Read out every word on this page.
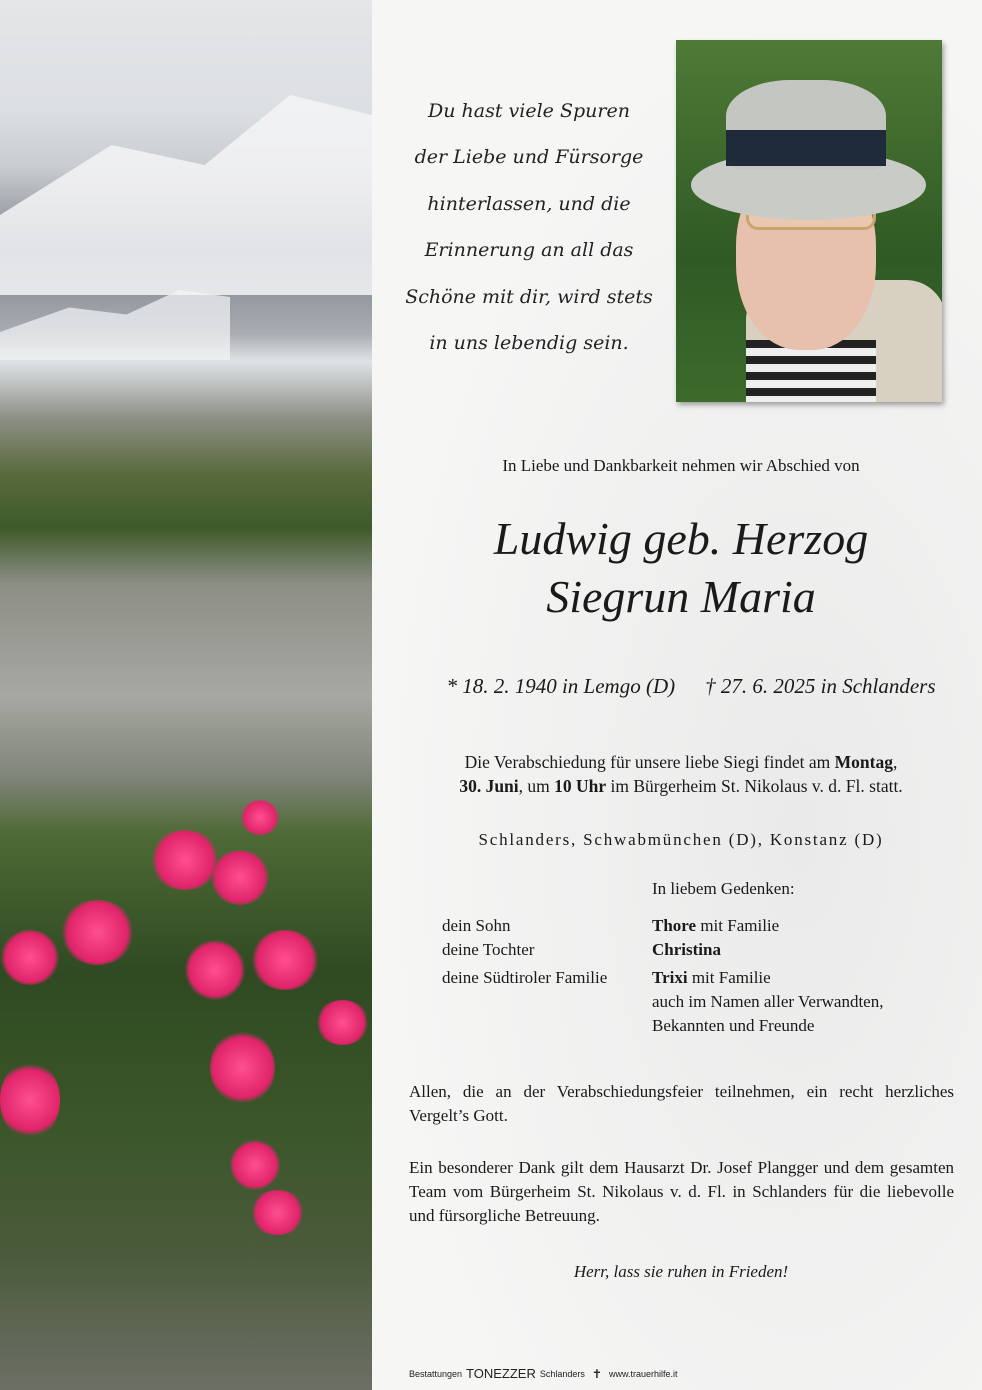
Du hast viele Spuren
der Liebe und Fürsorge
hinterlassen, und die
Erinnerung an all das
Schöne mit dir, wird stets
in uns lebendig sein.
In Liebe und Dankbarkeit nehmen wir Abschied von
Ludwig geb. Herzog
Siegrun Maria
* 18. 2. 1940 in Lemgo (D) † 27. 6. 2025 in Schlanders
Die Verabschiedung für unsere liebe Siegi findet am Montag,
30. Juni, um 10 Uhr im Bürgerheim St. Nikolaus v. d. Fl. statt.
Schlanders, Schwabmünchen (D), Konstanz (D)
dein Sohn
deine Tochter
deine Südtiroler Familie
In liebem Gedenken:
Thore mit Familie
Christina
Trixi mit Familie
auch im Namen aller Verwandten,
Bekannten und Freunde
Allen, die an der Verabschiedungsfeier teilnehmen, ein recht herzliches Vergelt’s Gott.
Ein besonderer Dank gilt dem Hausarzt Dr. Josef Plangger und dem gesamten Team vom Bürgerheim St. Nikolaus v. d. Fl. in Schlanders für die liebevolle und fürsorgliche Betreuung.
Herr, lass sie ruhen in Frieden!
Bestattungen TONEZZER Schlanders ✝ www.trauerhilfe.it
